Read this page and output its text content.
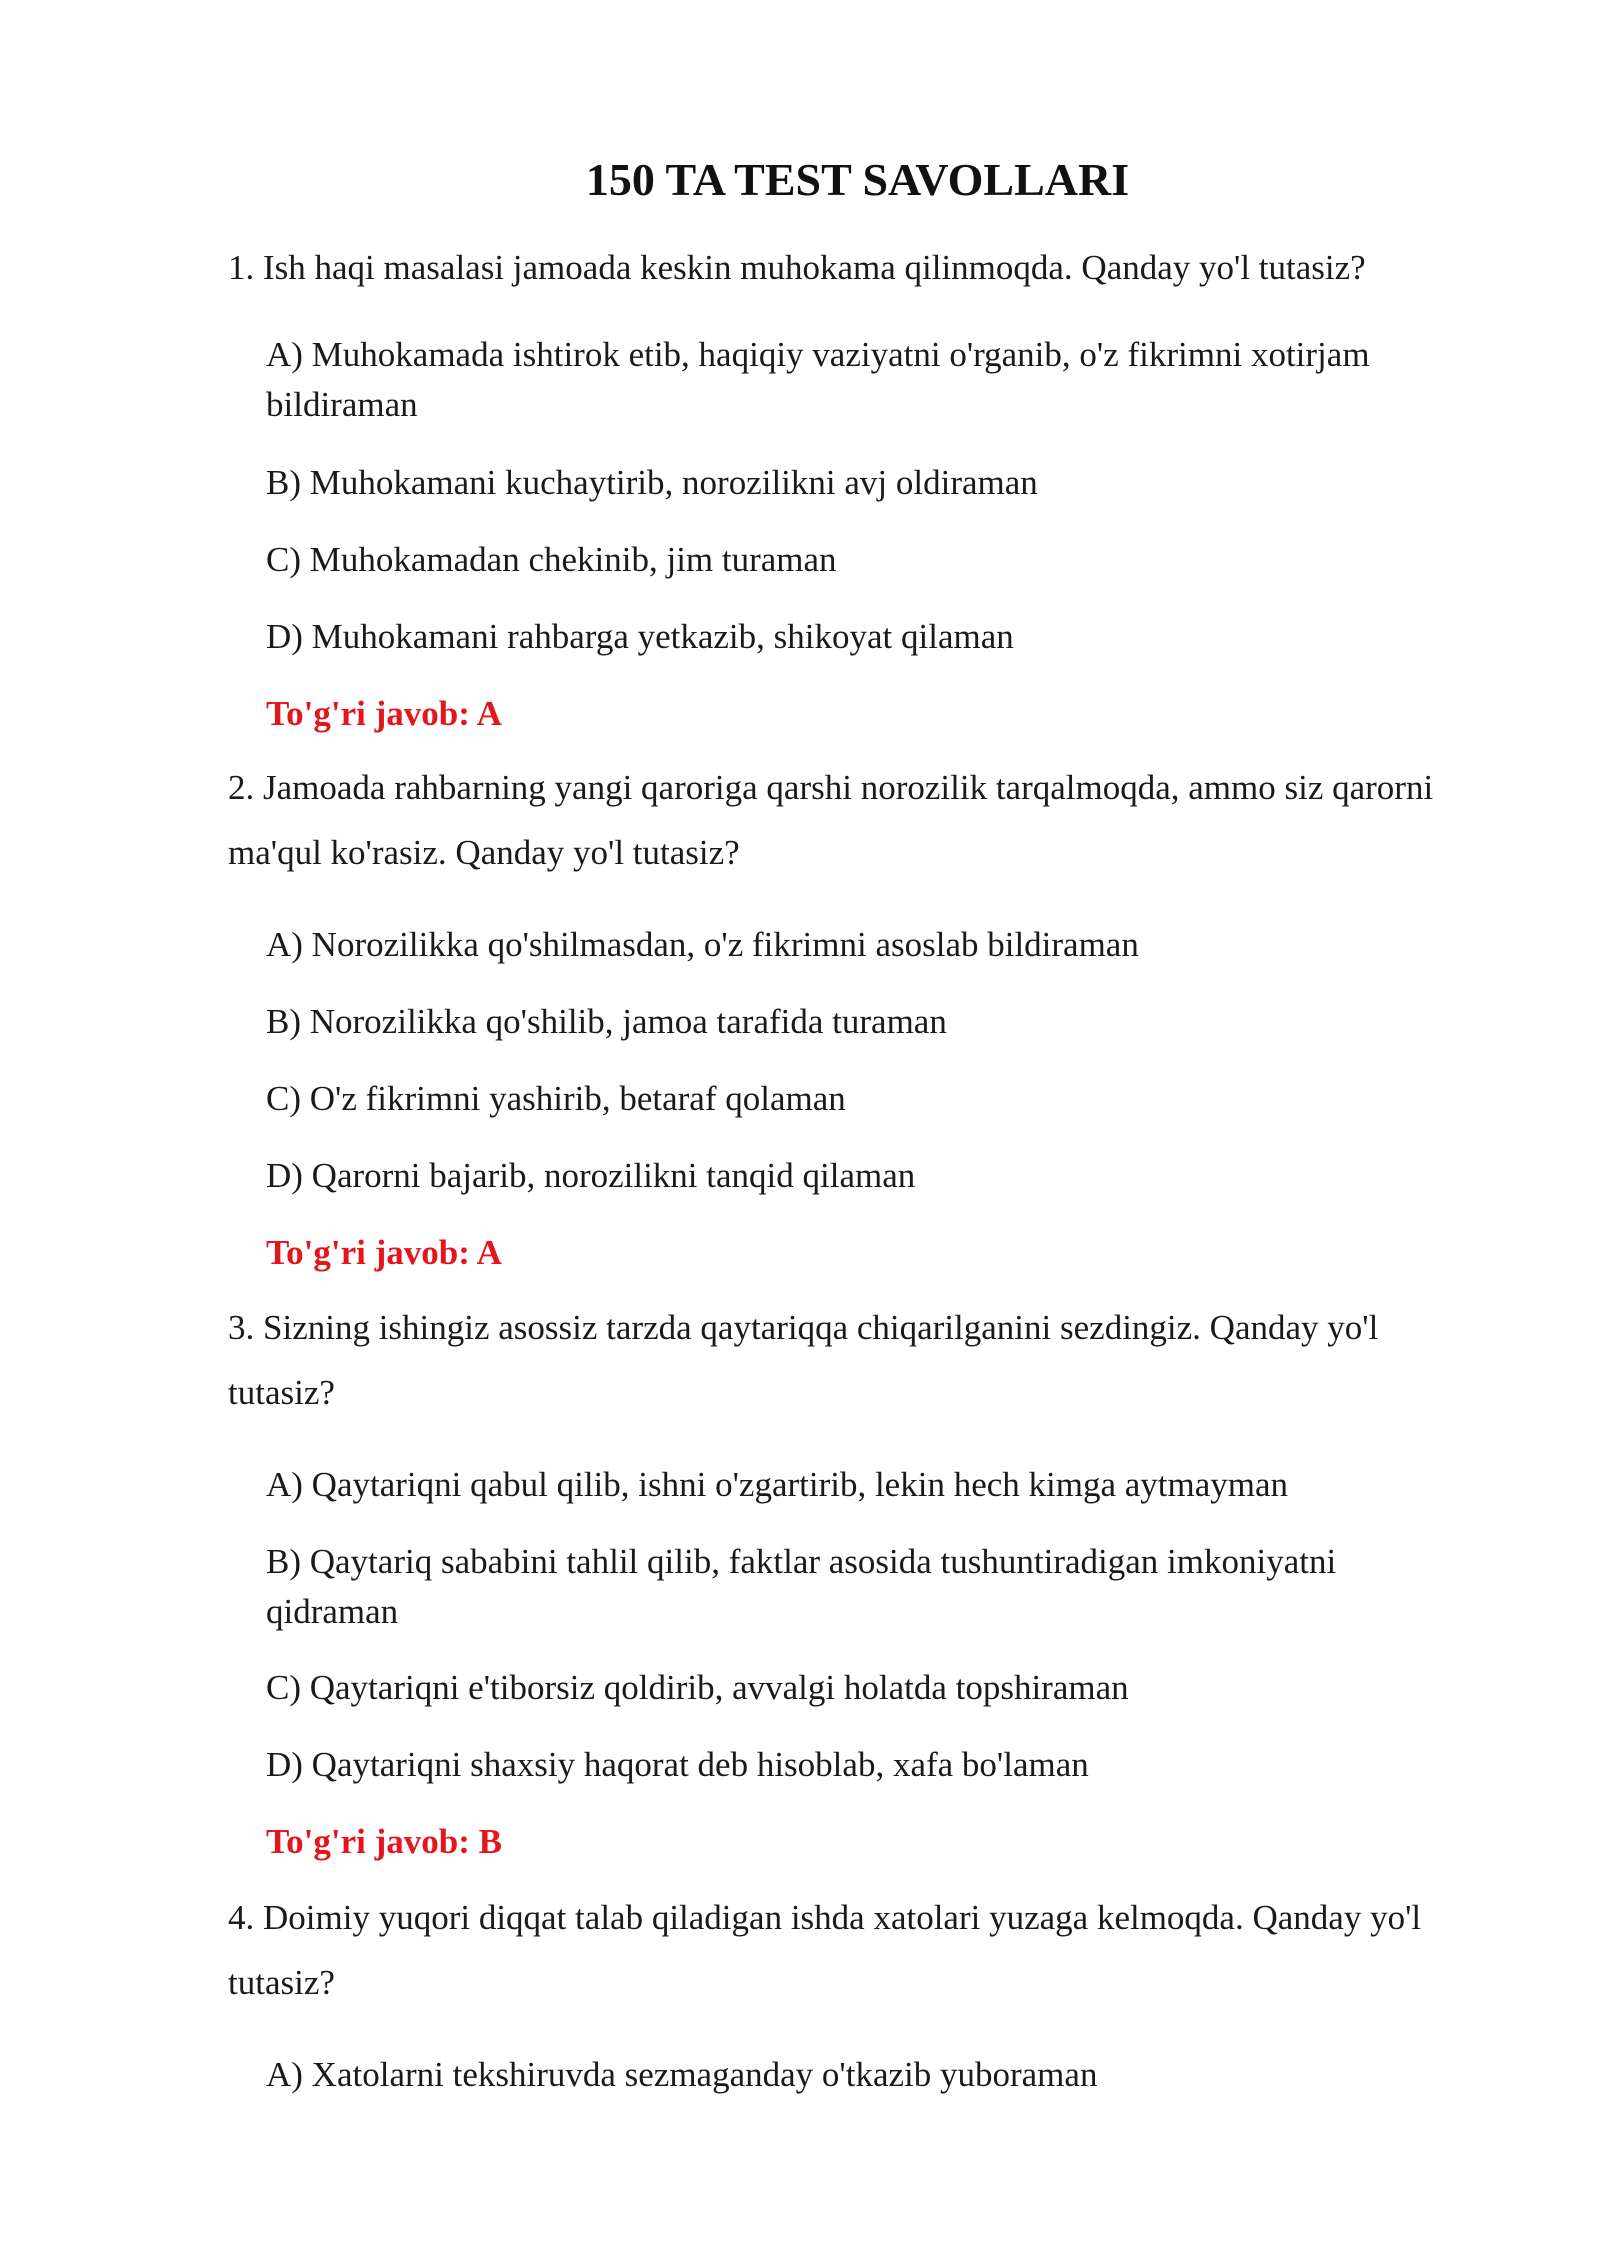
150 TA TEST SAVOLLARI

1. Ish haqi masalasi jamoada keskin muhokama qilinmoqda. Qanday yo'l tutasiz?

A) Muhokamada ishtirok etib, haqiqiy vaziyatni o'rganib, o'z fikrimni xotirjam bildiraman

B) Muhokamani kuchaytirib, norozilikni avj oldiraman

C) Muhokamadan chekinib, jim turaman

D) Muhokamani rahbarga yetkazib, shikoyat qilaman

To'g'ri javob: A

2. Jamoada rahbarning yangi qaroriga qarshi norozilik tarqalmoqda, ammo siz qarorni ma'qul ko'rasiz. Qanday yo'l tutasiz?

A) Norozilikka qo'shilmasdan, o'z fikrimni asoslab bildiraman

B) Norozilikka qo'shilib, jamoa tarafida turaman

C) O'z fikrimni yashirib, betaraf qolaman

D) Qarorni bajarib, norozilikni tanqid qilaman

To'g'ri javob: A

3. Sizning ishingiz asossiz tarzda qaytariqqa chiqarilganini sezdingiz. Qanday yo'l tutasiz?

A) Qaytariqni qabul qilib, ishni o'zgartirib, lekin hech kimga aytmayman

B) Qaytariq sababini tahlil qilib, faktlar asosida tushuntiradigan imkoniyatni qidraman

C) Qaytariqni e'tiborsiz qoldirib, avvalgi holatda topshiraman

D) Qaytariqni shaxsiy haqorat deb hisoblab, xafa bo'laman

To'g'ri javob: B

4. Doimiy yuqori diqqat talab qiladigan ishda xatolari yuzaga kelmoqda. Qanday yo'l tutasiz?

A) Xatolarni tekshiruvda sezmaganday o'tkazib yuboraman
